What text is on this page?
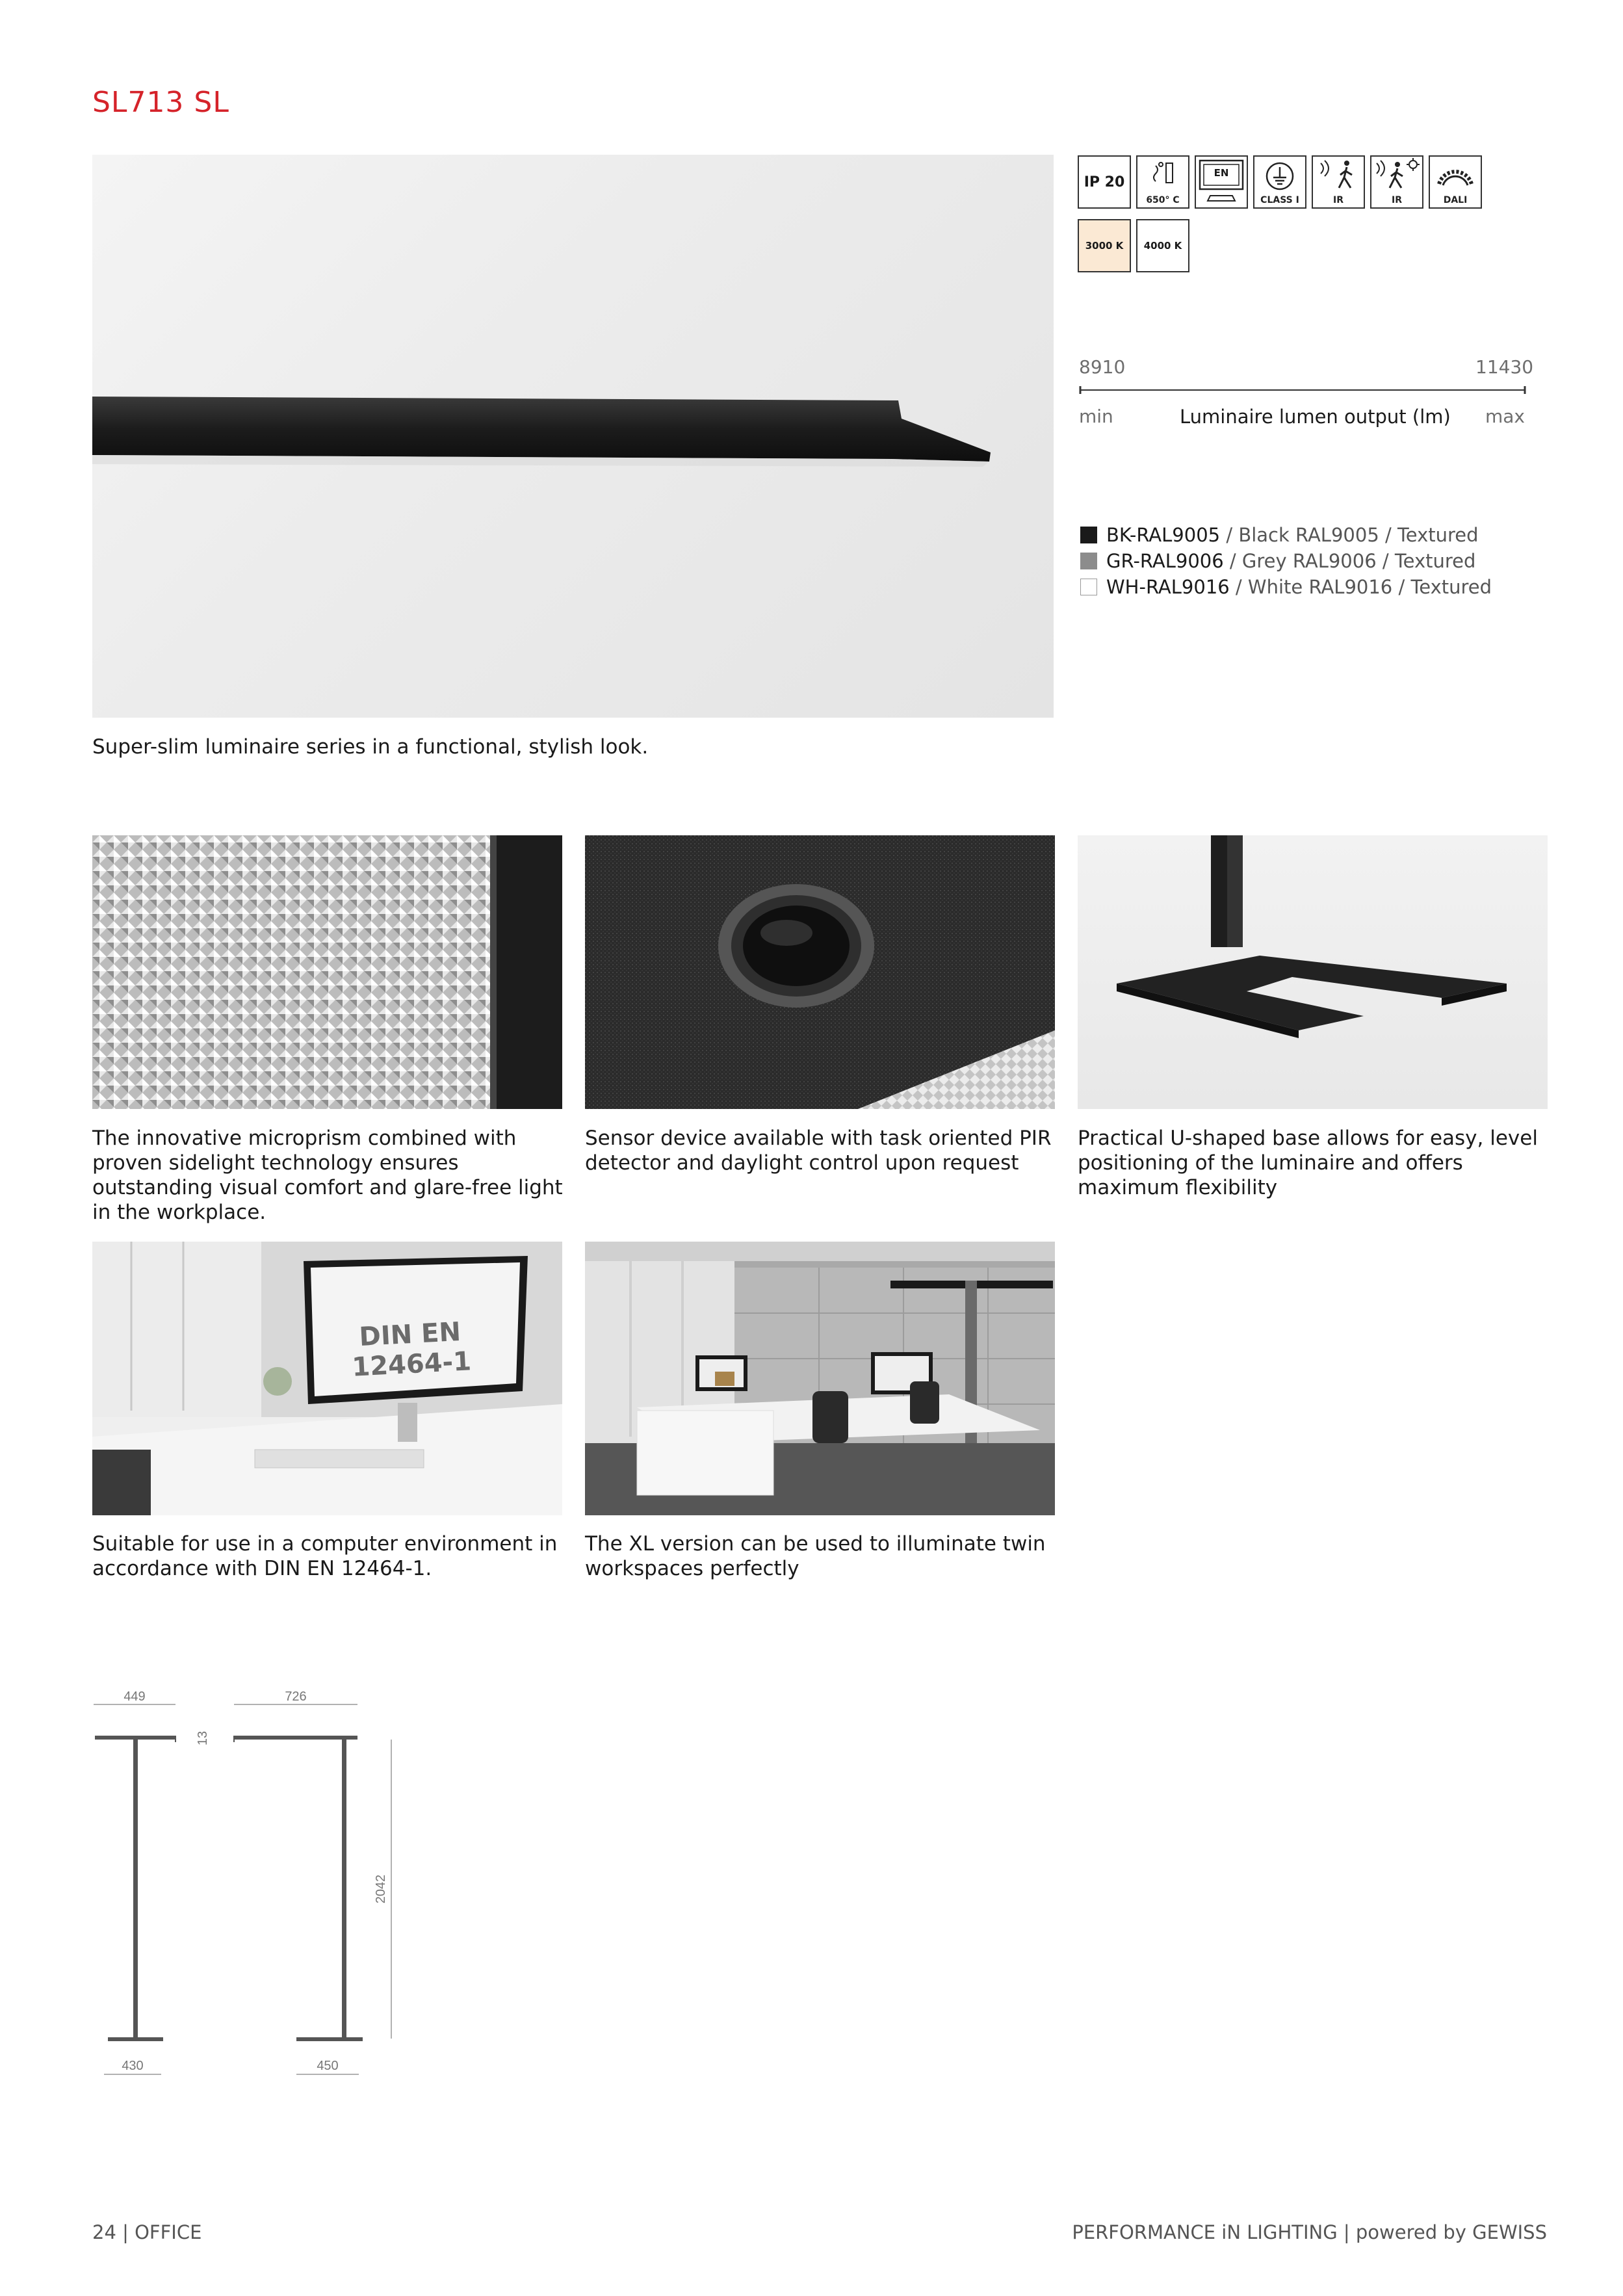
SL713 SL
IP 20
650° C
EN
CLASS I	IR	IR	DALI
3000 K 4000 K
8910	11430
min	Luminaire lumen output (lm)	max
BK-RAL9005 / Black RAL9005 / Textured
GR-RAL9006 / Grey RAL9006 / Textured
WH-RAL9016 / White RAL9016 / Textured
Super-slim luminaire series in a functional, stylish look.
The innovative microprism combined with proven sidelight technology ensures outstanding visual comfort and glare-free light in the workplace.
Sensor device available with task oriented PIR detector and daylight control upon request
Practical U-shaped base allows for easy, level positioning of the luminaire and offers maximum flexibility
DIN EN 12464-1
Suitable for use in a computer environment in accordance with DIN EN 12464-1.
The XL version can be used to illuminate twin workspaces perfectly
449	726
13
2042
430	450
24 | OFFICE	PERFORMANCE iN LIGHTING | powered by GEWISS
